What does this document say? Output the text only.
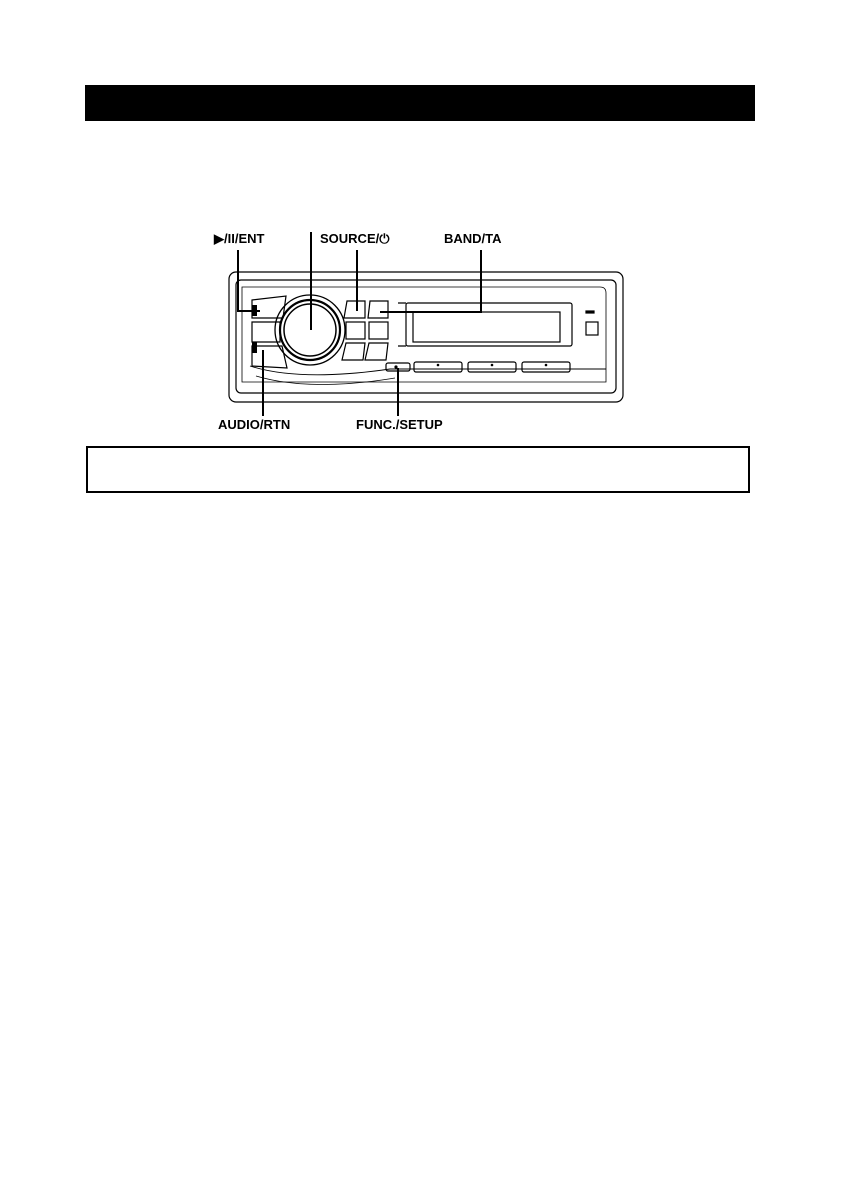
▶/II/ENT	SOURCE/⏻	BAND/TA
AUDIO/RTN	FUNC./SETUP
